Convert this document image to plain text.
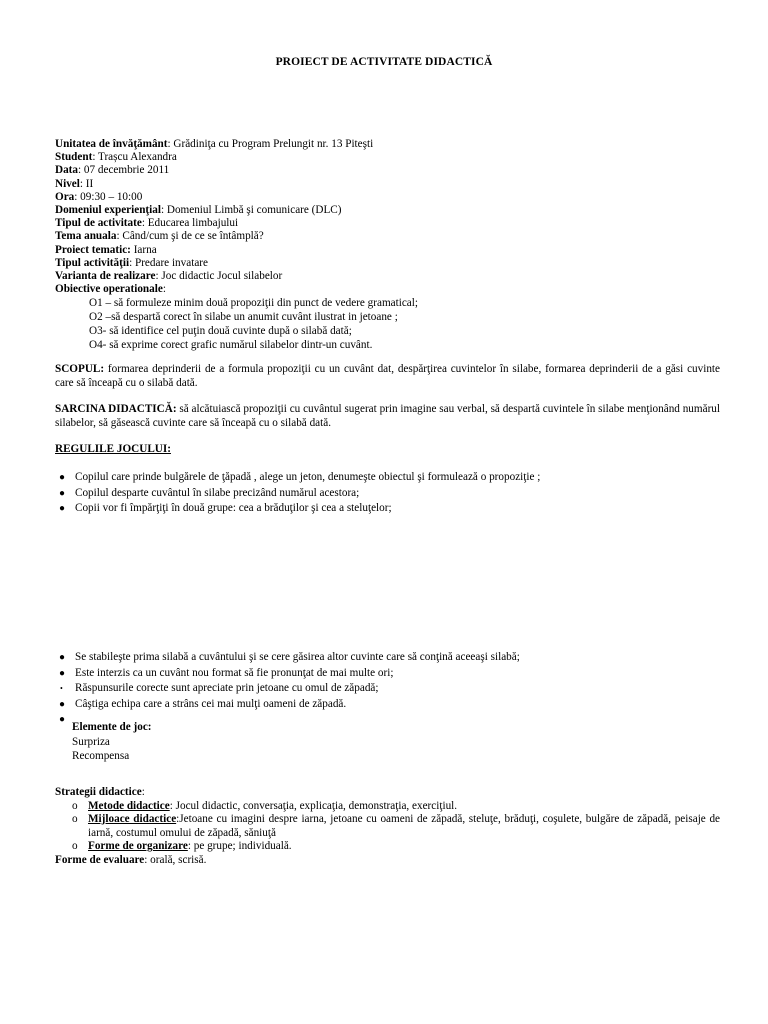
PROIECT DE ACTIVITATE DIDACTICĂ
Unitatea de învăţământ: Grădiniţa cu Program Prelungit nr. 13 Piteşti
Student: Trașcu Alexandra
Data: 07 decembrie 2011
Nivel: II
Ora: 09:30 – 10:00
Domeniul experienţial: Domeniul Limbă şi comunicare (DLC)
Tipul de activitate: Educarea limbajului
Tema anuala: Când/cum şi de ce se întâmplă?
Proiect tematic: Iarna
Tipul activităţii: Predare invatare
Varianta de realizare: Joc didactic Jocul silabelor
Obiective operationale:
O1 – să formuleze minim două propoziţii din punct de vedere gramatical;
O2 –să despartă corect în silabe un anumit cuvânt ilustrat in jetoane ;
O3- să identifice cel puţin două cuvinte după o silabă dată;
O4- să exprime corect grafic numărul silabelor dintr-un cuvânt.
SCOPUL: formarea deprinderii de a formula propoziţii cu un cuvânt dat, despărţirea cuvintelor în silabe, formarea deprinderii de a găsi cuvinte care să înceapă cu o silabă dată.
SARCINA DIDACTICĂ: să alcătuiască propoziţii cu cuvântul sugerat prin imagine sau verbal, să despartă cuvintele în silabe menţionând numărul silabelor, să găsească cuvinte care să înceapă cu o silabă dată.
REGULILE JOCULUI:
● Copilul care prinde bulgărele de ţăpadă , alege un jeton, denumeşte obiectul şi formulează o propoziţie ;
● Copilul desparte cuvântul în silabe precizând numărul acestora;
● Copii vor fi împărţiţi în două grupe: cea a brăduţilor şi cea a steluţelor;
● Se stabileşte prima silabă a cuvântului şi se cere găsirea altor cuvinte care să conţină aceeaşi silabă;
● Este interzis ca un cuvânt nou format să fie pronunţat de mai multe ori;
• Răspunsurile corecte sunt apreciate prin jetoane cu omul de zăpadă;
● Câştiga echipa care a strâns cei mai mulţi oameni de zăpadă.
●
Elemente de joc:
Surpriza
Recompensa
Strategii didactice:
o Metode didactice: Jocul didactic, conversaţia, explicaţia, demonstraţia, exerciţiul.
o Mijloace didactice:Jetoane cu imagini despre iarna, jetoane cu oameni de zăpadă, steluţe, brăduţi, coşulete, bulgăre de zăpadă, peisaje de iarnă, costumul omului de zăpadă, săniuţă
o Forme de organizare: pe grupe; individuală.
Forme de evaluare: orală, scrisă.
